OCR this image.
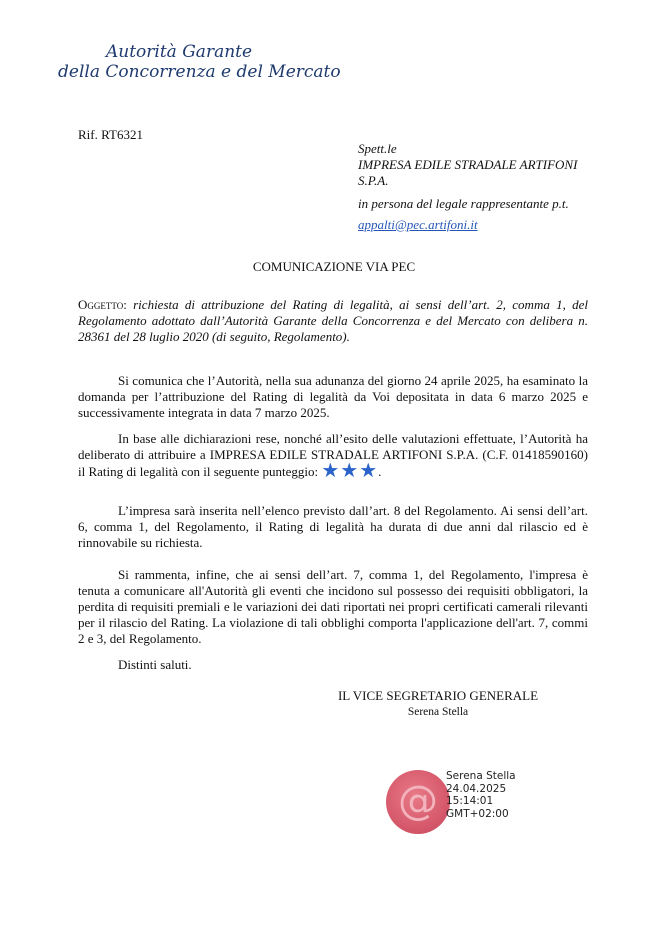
Autorità Garante
della Concorrenza e del Mercato
Rif. RT6321
Spett.le
IMPRESA EDILE STRADALE ARTIFONI
S.P.A.
in persona del legale rappresentante p.t.
appalti@pec.artifoni.it
COMUNICAZIONE VIA PEC
Oggetto: richiesta di attribuzione del Rating di legalità, ai sensi dell’art. 2, comma 1, del Regolamento adottato dall’Autorità Garante della Concorrenza e del Mercato con delibera n. 28361 del 28 luglio 2020 (di seguito, Regolamento).
Si comunica che l’Autorità, nella sua adunanza del giorno 24 aprile 2025, ha esaminato la domanda per l’attribuzione del Rating di legalità da Voi depositata in data 6 marzo 2025 e successivamente integrata in data 7 marzo 2025.
In base alle dichiarazioni rese, nonché all’esito delle valutazioni effettuate, l’Autorità ha deliberato di attribuire a IMPRESA EDILE STRADALE ARTIFONI S.P.A. (C.F. 01418590160) il Rating di legalità con il seguente punteggio: ★★★.
L’impresa sarà inserita nell’elenco previsto dall’art. 8 del Regolamento. Ai sensi dell’art. 6, comma 1, del Regolamento, il Rating di legalità ha durata di due anni dal rilascio ed è rinnovabile su richiesta.
Si rammenta, infine, che ai sensi dell’art. 7, comma 1, del Regolamento, l'impresa è tenuta a comunicare all'Autorità gli eventi che incidono sul possesso dei requisiti obbligatori, la perdita di requisiti premiali e le variazioni dei dati riportati nei propri certificati camerali rilevanti per il rilascio del Rating. La violazione di tali obblighi comporta l'applicazione dell'art. 7, commi 2 e 3, del Regolamento.
Distinti saluti.
IL VICE SEGRETARIO GENERALE
Serena Stella
@
Serena Stella
24.04.2025
15:14:01
GMT+02:00
